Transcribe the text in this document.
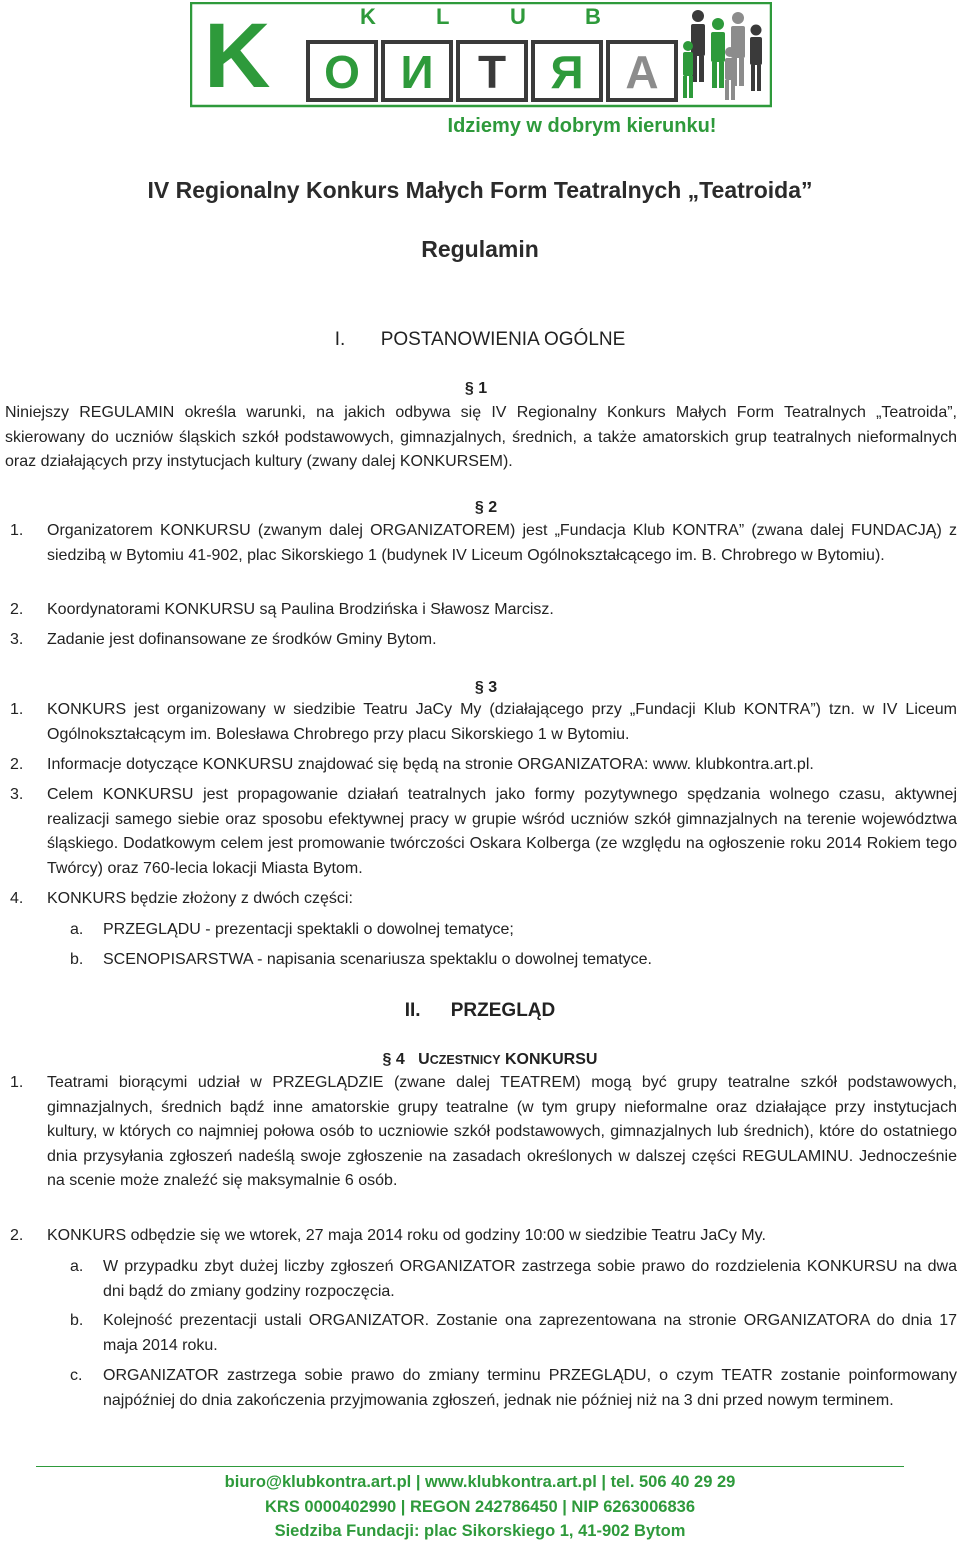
K	L	U	B
K O И T Я A
Idziemy w dobrym kierunku!
IV Regionalny Konkurs Małych Form Teatralnych „Teatroida”
Regulamin
I. POSTANOWIENIA OGÓLNE
§ 1
Niniejszy REGULAMIN określa warunki, na jakich odbywa się IV Regionalny Konkurs Małych Form Teatralnych „Teatroida”, skierowany do uczniów śląskich szkół podstawowych, gimnazjalnych, średnich, a także amatorskich grup teatralnych nieformalnych oraz działających przy instytucjach kultury (zwany dalej KONKURSEM).
§ 2
1.	Organizatorem KONKURSU (zwanym dalej ORGANIZATOREM) jest „Fundacja Klub KONTRA” (zwana dalej FUNDACJĄ) z siedzibą w Bytomiu 41-902, plac Sikorskiego 1 (budynek IV Liceum Ogólnokształcącego im. B. Chrobrego w Bytomiu).
2.	Koordynatorami KONKURSU są Paulina Brodzińska i Sławosz Marcisz.
3.	Zadanie jest dofinansowane ze środków Gminy Bytom.
§ 3
1.	KONKURS jest organizowany w siedzibie Teatru JaCy My (działającego przy „Fundacji Klub KONTRA”) tzn. w IV Liceum Ogólnokształcącym im. Bolesława Chrobrego przy placu Sikorskiego 1 w Bytomiu.
2.	Informacje dotyczące KONKURSU znajdować się będą na stronie ORGANIZATORA: www. klubkontra.art.pl.
3.	Celem KONKURSU jest propagowanie działań teatralnych jako formy pozytywnego spędzania wolnego czasu, aktywnej realizacji samego siebie oraz sposobu efektywnej pracy w grupie wśród uczniów szkół gimnazjalnych na terenie województwa śląskiego. Dodatkowym celem jest promowanie twórczości Oskara Kolberga (ze względu na ogłoszenie roku 2014 Rokiem tego Twórcy) oraz 760-lecia lokacji Miasta Bytom.
4.	KONKURS będzie złożony z dwóch części:
a.	PRZEGLĄDU - prezentacji spektakli o dowolnej tematyce;
b.	SCENOPISARSTWA - napisania scenariusza spektaklu o dowolnej tematyce.
II. PRZEGLĄD
§ 4 UCZESTNICY KONKURSU
1.	Teatrami biorącymi udział w PRZEGLĄDZIE (zwane dalej TEATREM) mogą być grupy teatralne szkół podstawowych, gimnazjalnych, średnich bądź inne amatorskie grupy teatralne (w tym grupy nieformalne oraz działające przy instytucjach kultury, w których co najmniej połowa osób to uczniowie szkół podstawowych, gimnazjalnych lub średnich), które do ostatniego dnia przysyłania zgłoszeń nadeślą swoje zgłoszenie na zasadach określonych w dalszej części REGULAMINU. Jednocześnie na scenie może znaleźć się maksymalnie 6 osób.
2.	KONKURS odbędzie się we wtorek, 27 maja 2014 roku od godziny 10:00 w siedzibie Teatru JaCy My.
a.	W przypadku zbyt dużej liczby zgłoszeń ORGANIZATOR zastrzega sobie prawo do rozdzielenia KONKURSU na dwa dni bądź do zmiany godziny rozpoczęcia.
b.	Kolejność prezentacji ustali ORGANIZATOR. Zostanie ona zaprezentowana na stronie ORGANIZATORA do dnia 17 maja 2014 roku.
c.	ORGANIZATOR zastrzega sobie prawo do zmiany terminu PRZEGLĄDU, o czym TEATR zostanie poinformowany najpóźniej do dnia zakończenia przyjmowania zgłoszeń, jednak nie później niż na 3 dni przed nowym terminem.
biuro@klubkontra.art.pl | www.klubkontra.art.pl | tel. 506 40 29 29
KRS 0000402990 | REGON 242786450 | NIP 6263006836
Siedziba Fundacji: plac Sikorskiego 1, 41-902 Bytom
